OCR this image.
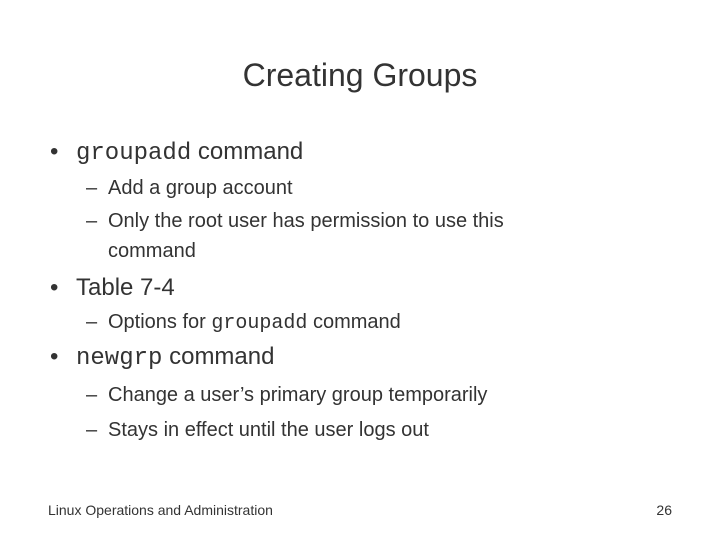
Creating Groups
• groupadd command
– Add a group account
– Only the root user has permission to use this
command
• Table 7-4
– Options for groupadd command
• newgrp command
– Change a user’s primary group temporarily
– Stays in effect until the user logs out
Linux Operations and Administration	26
